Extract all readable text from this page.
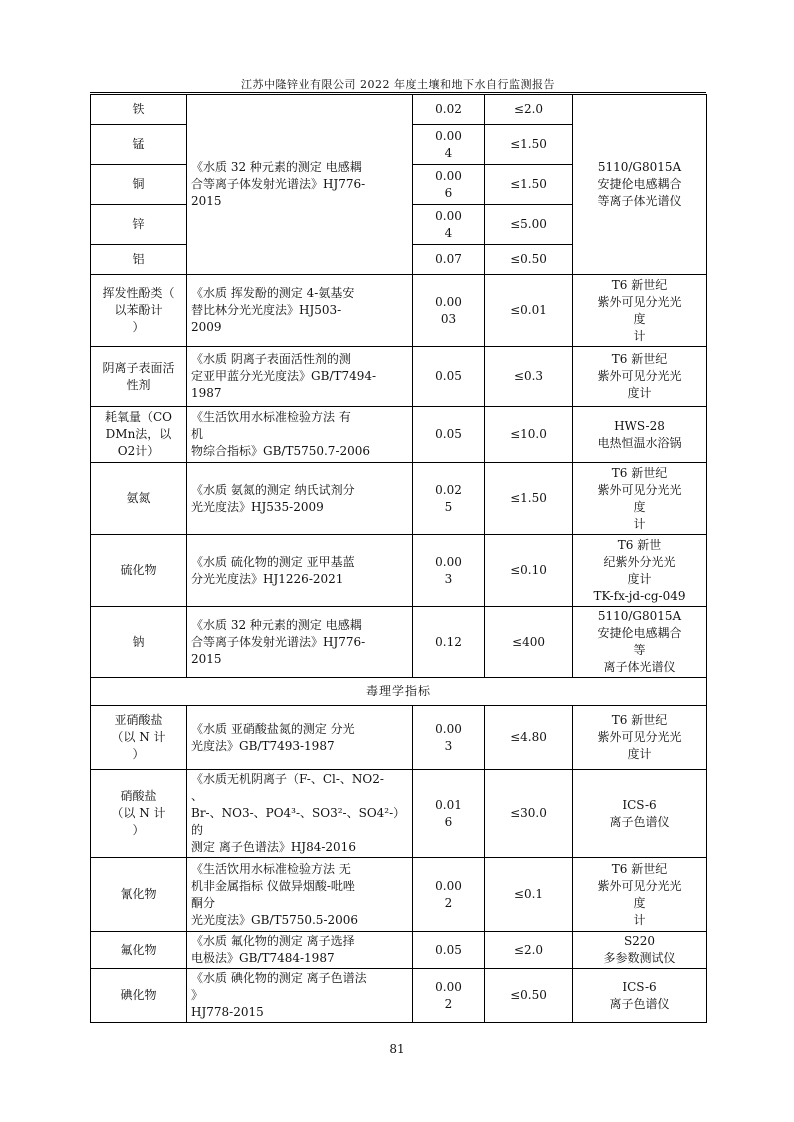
江苏中隆锌业有限公司 2022 年度土壤和地下水自行监测报告
铁	《水质 32 种元素的测定 电感耦
合等离子体发射光谱法》HJ776-
2015	0.02	≤2.0	5110/G8015A
安捷伦电感耦合
等离子体光谱仪

锰		0.00
4	≤1.50	

铜		0.00
6	≤1.50	

锌		0.00
4	≤5.00	

铝		0.07	≤0.50	

挥发性酚类（
以苯酚计
）	《水质 挥发酚的测定 4-氨基安
替比林分光光度法》HJ503-
2009	0.00
03	≤0.01	T6 新世纪
紫外可见分光光
度
计

阴离子表面活
性剂	《水质 阴离子表面活性剂的测
定亚甲蓝分光光度法》GB/T7494-
1987	0.05	≤0.3	T6 新世纪
紫外可见分光光
度计

耗氧量（CO
DMn法，以
O2计）	《生活饮用水标准检验方法 有
机
物综合指标》GB/T5750.7-2006	0.05	≤10.0	HWS-28
电热恒温水浴锅

氨氮	《水质 氨氮的测定 纳氏试剂分
光光度法》HJ535-2009	0.02
5	≤1.50	T6 新世纪
紫外可见分光光
度
计

硫化物	《水质 硫化物的测定 亚甲基蓝
分光光度法》HJ1226-2021	0.00
3	≤0.10	T6 新世
纪紫外分光光
度计
TK-fx-jd-cg-049

钠	《水质 32 种元素的测定 电感耦
合等离子体发射光谱法》HJ776-
2015	0.12	≤400	5110/G8015A
安捷伦电感耦合
等
离子体光谱仪

毒理学指标				

亚硝酸盐
（以 N 计
）	《水质 亚硝酸盐氮的测定 分光
光度法》GB/T7493-1987	0.00
3	≤4.80	T6 新世纪
紫外可见分光光
度计

硝酸盐
（以 N 计
）	《水质无机阴离子（F-、Cl-、NO2-
、
Br-、NO3-、PO4³-、SO3²-、SO4²-）
的
测定 离子色谱法》HJ84-2016	0.01
6	≤30.0	ICS-6
离子色谱仪

氰化物	《生活饮用水标准检验方法 无
机非金属指标 仪做异烟酸-吡唑
酮分
光光度法》GB/T5750.5-2006	0.00
2	≤0.1	T6 新世纪
紫外可见分光光
度
计

氟化物	《水质 氟化物的测定 离子选择
电极法》GB/T7484-1987	0.05	≤2.0	S220
多参数测试仪

碘化物	《水质 碘化物的测定 离子色谱法
》
HJ778-2015	0.00
2	≤0.50	ICS-6
离子色谱仪
81
